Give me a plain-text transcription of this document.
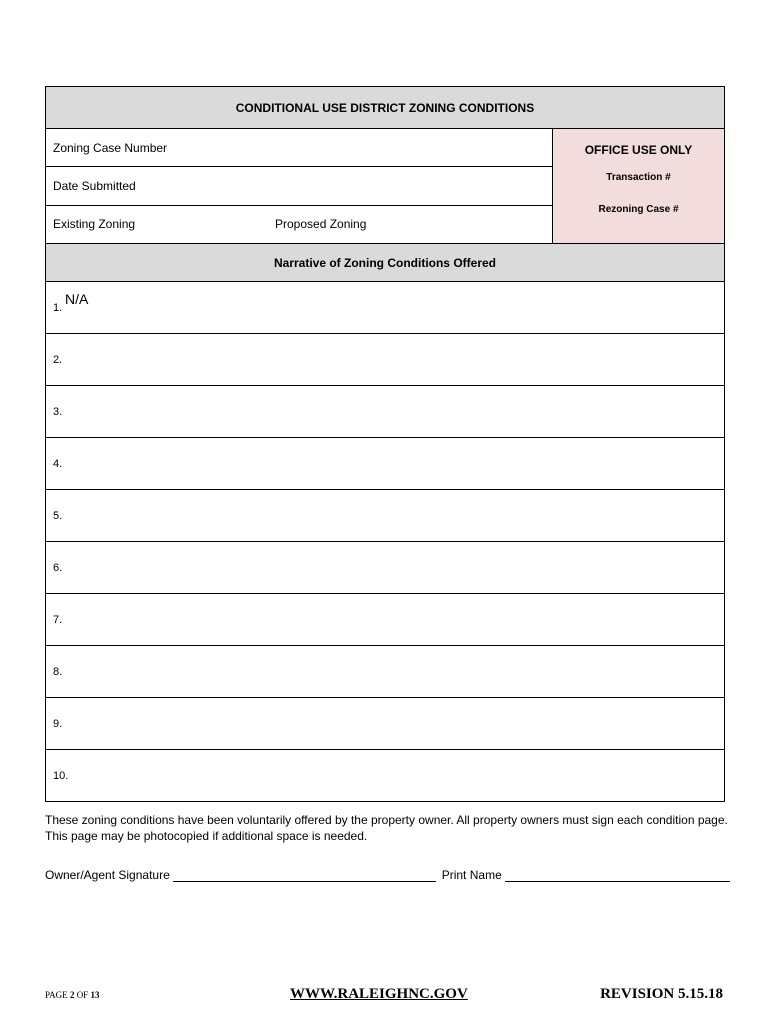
CONDITIONAL USE DISTRICT ZONING CONDITIONS
Zoning Case Number
Date Submitted
Existing Zoning	Proposed Zoning
OFFICE USE ONLY
Transaction #
Rezoning Case #
Narrative of Zoning Conditions Offered
1.
N/A
2.
3.
4.
5.
6.
7.
8.
9.
10.
These zoning conditions have been voluntarily offered by the property owner. All property owners must sign each condition page. This page may be photocopied if additional space is needed.
Owner/Agent Signature	Print Name
PAGE 2 OF 13	WWW.RALEIGHNC.GOV	REVISION 5.15.18
